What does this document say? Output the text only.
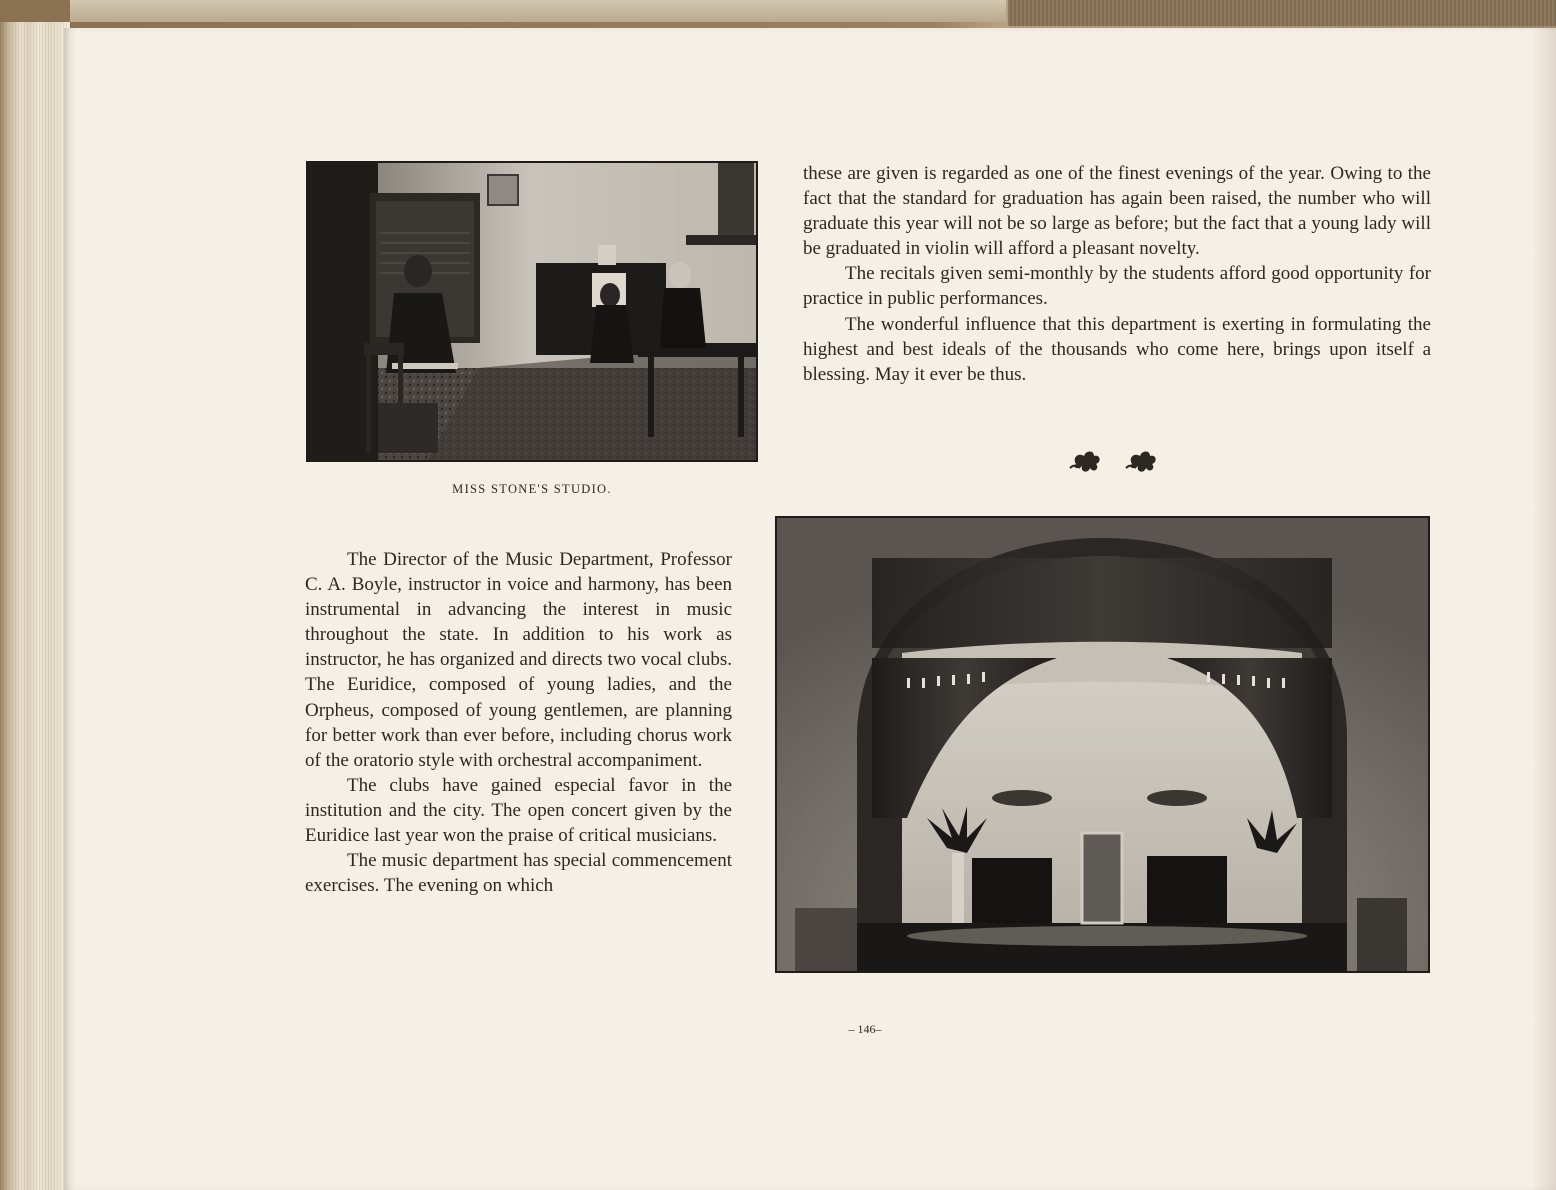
MISS STONE'S STUDIO.

these are given is regarded as one of the finest evenings of the year. Owing to the fact that the standard for graduation has again been raised, the number who will graduate this year will not be so large as before; but the fact that a young lady will be graduated in violin will afford a pleasant novelty.

The recitals given semi-monthly by the students afford good opportunity for practice in public performances.

The wonderful influence that this department is exerting in formulating the highest and best ideals of the thousands who come here, brings upon itself a blessing. May it ever be thus.

The Director of the Music Department, Professor C. A. Boyle, instructor in voice and harmony, has been instrumental in advancing the interest in music throughout the state. In addition to his work as instructor, he has organized and directs two vocal clubs. The Euridice, composed of young ladies, and the Orpheus, composed of young gentlemen, are planning for better work than ever before, including chorus work of the oratorio style with orchestral accompaniment.

The clubs have gained especial favor in the institution and the city. The open concert given by the Euridice last year won the praise of critical musicians.

The music department has special commencement exercises. The evening on which

– 146–
